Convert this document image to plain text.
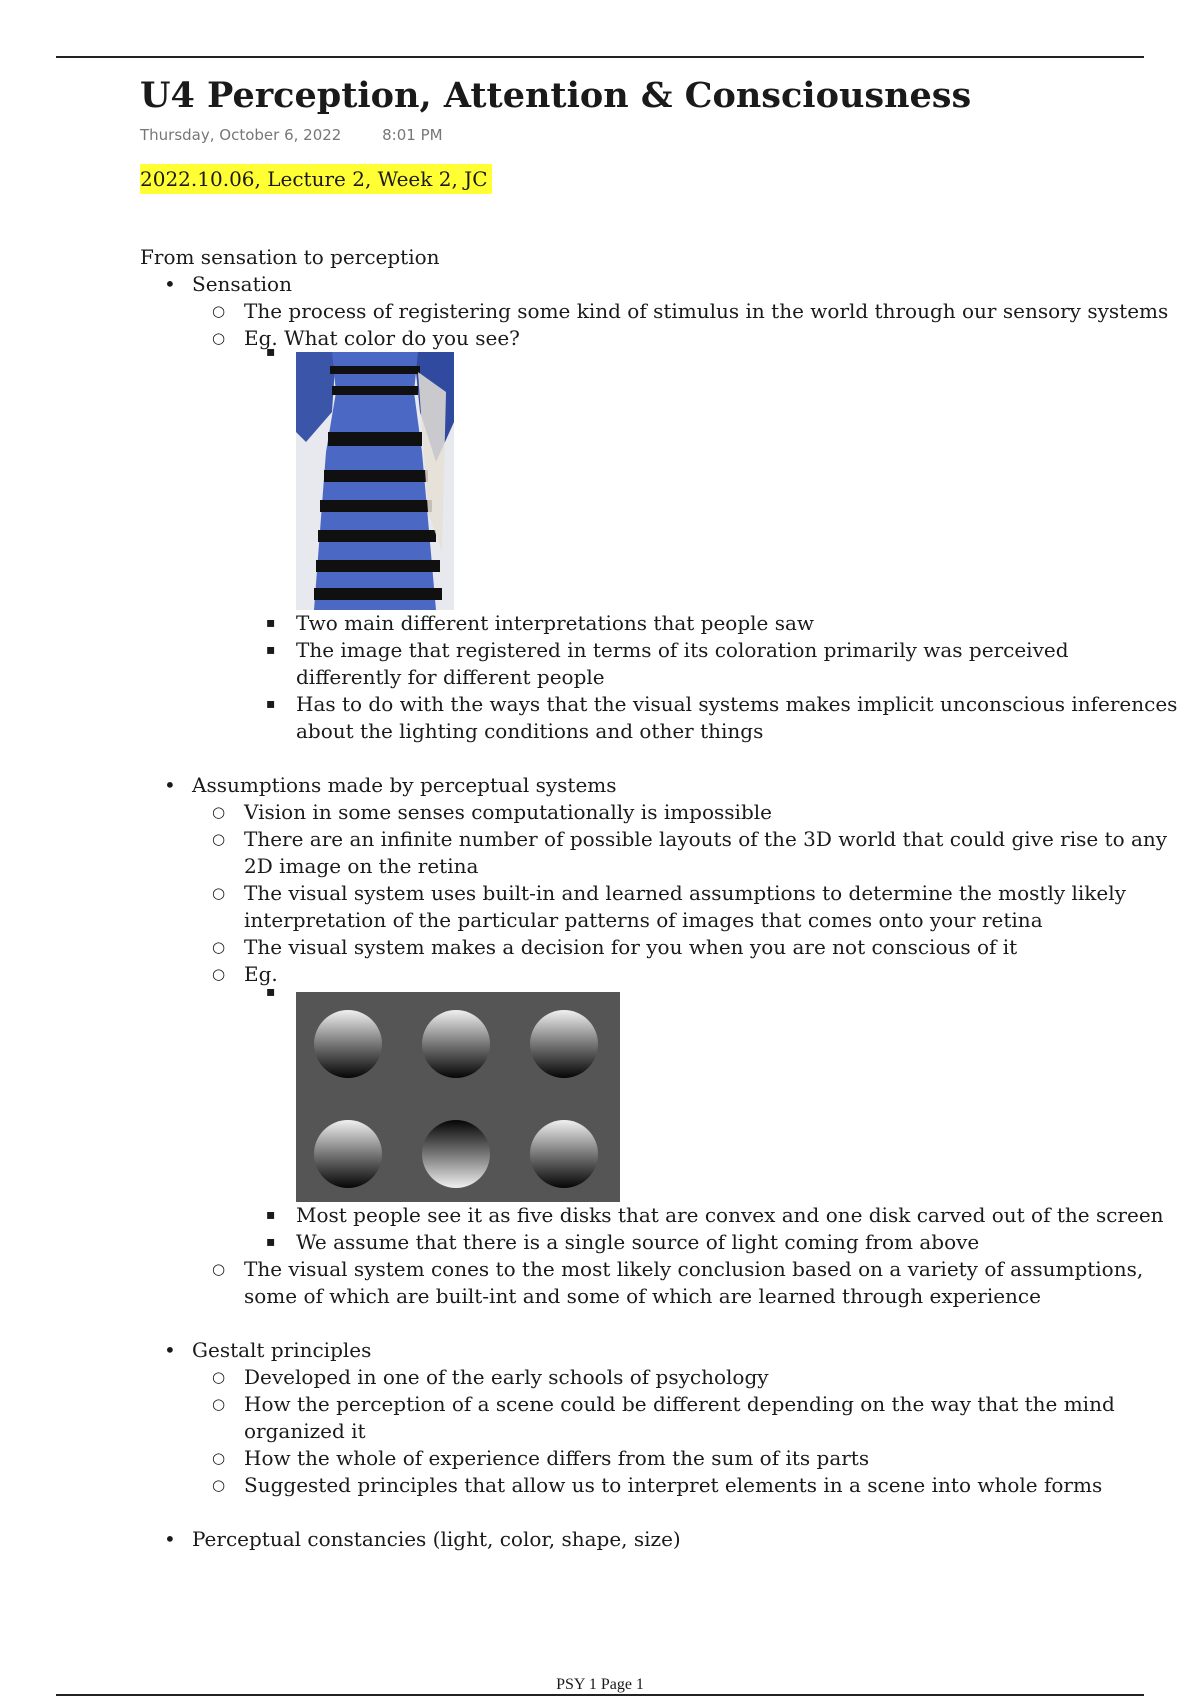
U4 Perception, Attention & Consciousness
Thursday, October 6, 2022	8:01 PM
2022.10.06, Lecture 2, Week 2, JC
From sensation to perception
• Sensation
○ The process of registering some kind of stimulus in the world through our sensory systems
○ Eg. What color do you see?
▪
▪ Two main different interpretations that people saw
▪ The image that registered in terms of its coloration primarily was perceived differently for different people
▪ Has to do with the ways that the visual systems makes implicit unconscious inferences about the lighting conditions and other things
• Assumptions made by perceptual systems
○ Vision in some senses computationally is impossible
○ There are an infinite number of possible layouts of the 3D world that could give rise to any 2D image on the retina
○ The visual system uses built-in and learned assumptions to determine the mostly likely interpretation of the particular patterns of images that comes onto your retina
○ The visual system makes a decision for you when you are not conscious of it
○ Eg.
▪
▪ Most people see it as five disks that are convex and one disk carved out of the screen
▪ We assume that there is a single source of light coming from above
○ The visual system cones to the most likely conclusion based on a variety of assumptions, some of which are built-int and some of which are learned through experience
• Gestalt principles
○ Developed in one of the early schools of psychology
○ How the perception of a scene could be different depending on the way that the mind organized it
○ How the whole of experience differs from the sum of its parts
○ Suggested principles that allow us to interpret elements in a scene into whole forms
• Perceptual constancies (light, color, shape, size)
PSY 1 Page 1
